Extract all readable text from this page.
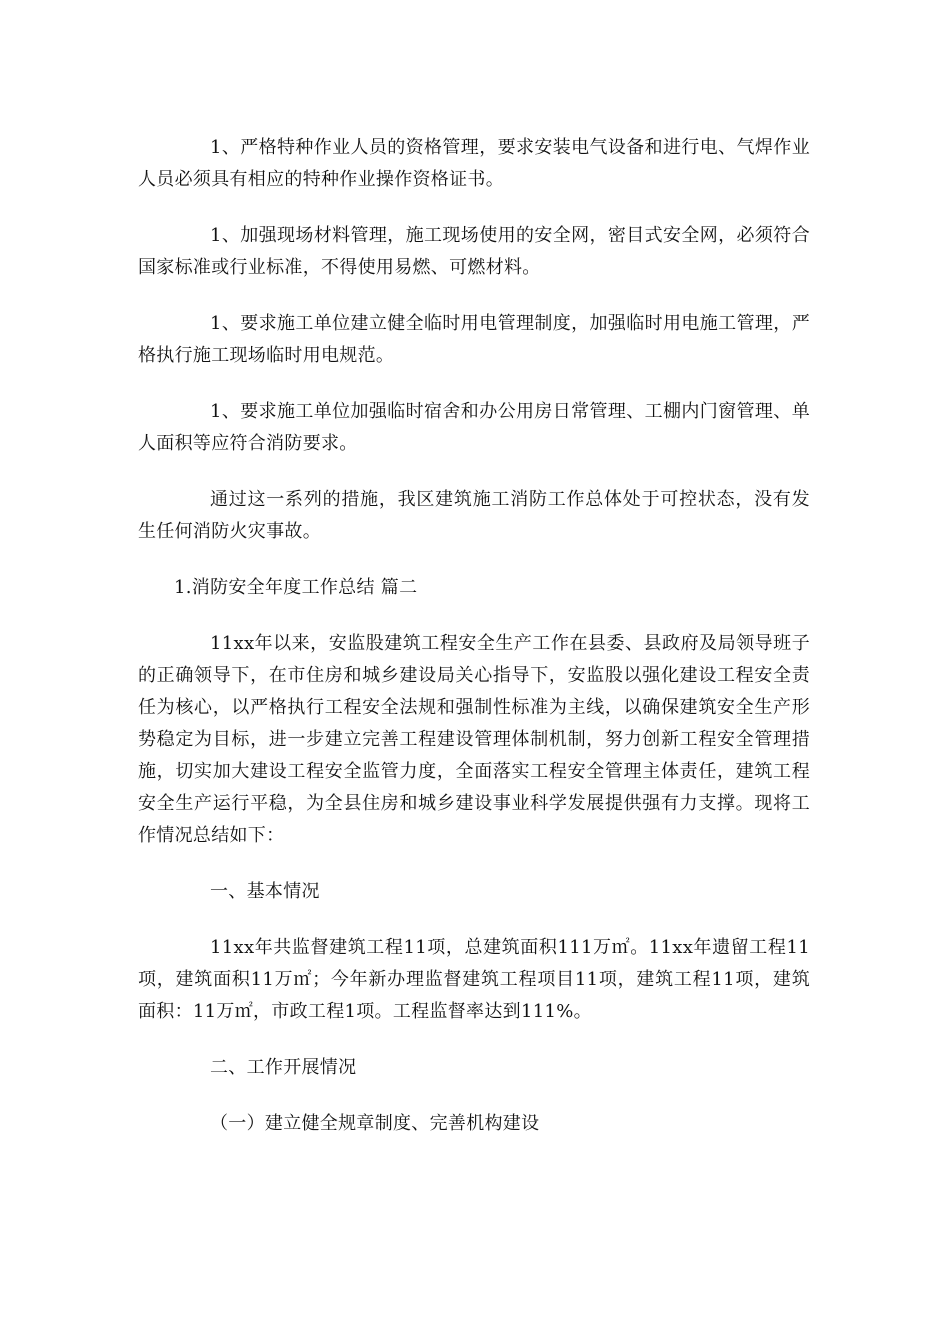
1、严格特种作业人员的资格管理，要求安装电气设备和进行电、气焊作业人员必须具有相应的特种作业操作资格证书。

1、加强现场材料管理，施工现场使用的安全网，密目式安全网，必须符合国家标准或行业标准，不得使用易燃、可燃材料。

1、要求施工单位建立健全临时用电管理制度，加强临时用电施工管理，严格执行施工现场临时用电规范。

1、要求施工单位加强临时宿舍和办公用房日常管理、工棚内门窗管理、单人面积等应符合消防要求。

通过这一系列的措施，我区建筑施工消防工作总体处于可控状态，没有发生任何消防火灾事故。

1.消防安全年度工作总结 篇二

11xx年以来，安监股建筑工程安全生产工作在县委、县政府及局领导班子的正确领导下，在市住房和城乡建设局关心指导下，安监股以强化建设工程安全责任为核心，以严格执行工程安全法规和强制性标准为主线，以确保建筑安全生产形势稳定为目标，进一步建立完善工程建设管理体制机制，努力创新工程安全管理措施，切实加大建设工程安全监管力度，全面落实工程安全管理主体责任，建筑工程安全生产运行平稳，为全县住房和城乡建设事业科学发展提供强有力支撑。现将工作情况总结如下：

一、基本情况

11xx年共监督建筑工程11项，总建筑面积111万㎡。11xx年遗留工程11项，建筑面积11万㎡；今年新办理监督建筑工程项目11项，建筑工程11项，建筑面积：11万㎡，市政工程1项。工程监督率达到111%。

二、工作开展情况

（一）建立健全规章制度、完善机构建设
